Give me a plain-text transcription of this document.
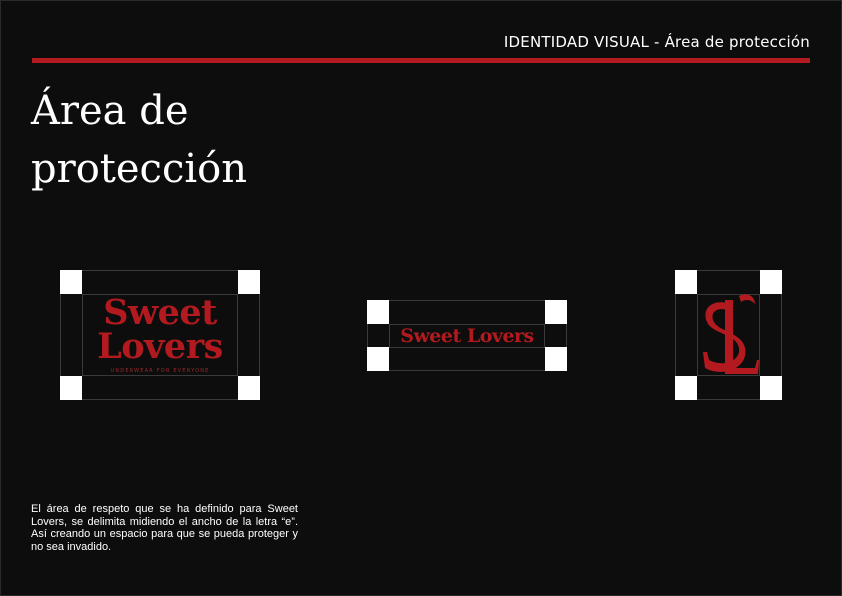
IDENTIDAD VISUAL - Área de protección
Área de
protección
Sweet
Lovers
UNDERWEAR FOR EVERYONE
Sweet Lovers

El área de respeto que se ha definido para Sweet Lovers, se delimita midiendo el ancho de la letra “e”. Así creando un espacio para que se pueda proteger y no sea invadido.
